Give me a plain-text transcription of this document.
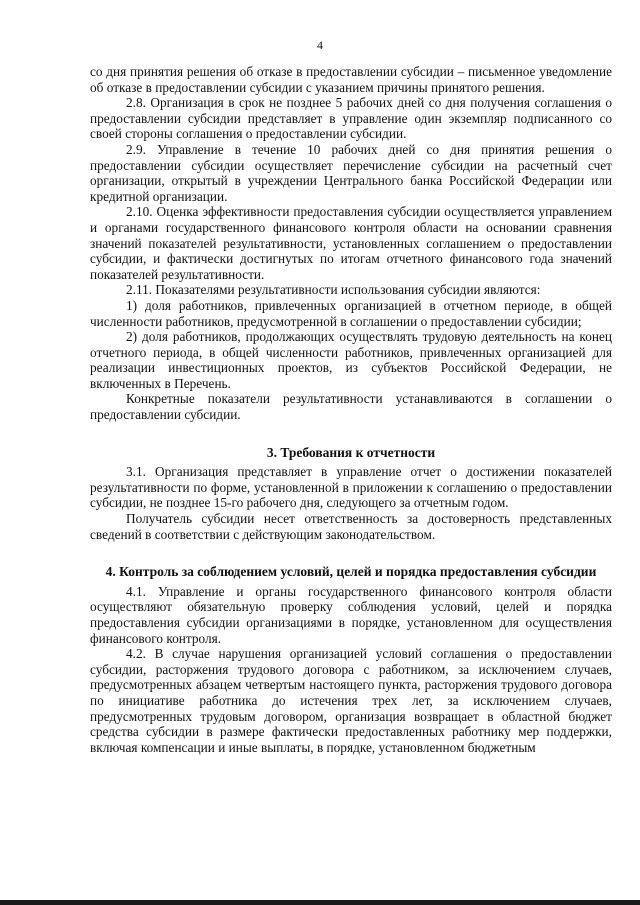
4

со дня принятия решения об отказе в предоставлении субсидии – письменное уведомление об отказе в предоставлении субсидии с указанием причины принятого решения.

2.8. Организация в срок не позднее 5 рабочих дней со дня получения соглашения о предоставлении субсидии представляет в управление один экземпляр подписанного со своей стороны соглашения о предоставлении субсидии.

2.9. Управление в течение 10 рабочих дней со дня принятия решения о предоставлении субсидии осуществляет перечисление субсидии на расчетный счет организации, открытый в учреждении Центрального банка Российской Федерации или кредитной организации.

2.10. Оценка эффективности предоставления субсидии осуществляется управлением и органами государственного финансового контроля области на основании сравнения значений показателей результативности, установленных соглашением о предоставлении субсидии, и фактически достигнутых по итогам отчетного финансового года значений показателей результативности.

2.11. Показателями результативности использования субсидии являются:

1) доля работников, привлеченных организацией в отчетном периоде, в общей численности работников, предусмотренной в соглашении о предоставлении субсидии;

2) доля работников, продолжающих осуществлять трудовую деятельность на конец отчетного периода, в общей численности работников, привлеченных организацией для реализации инвестиционных проектов, из субъектов Российской Федерации, не включенных в Перечень.

Конкретные показатели результативности устанавливаются в соглашении о предоставлении субсидии.

3. Требования к отчетности

3.1. Организация представляет в управление отчет о достижении показателей результативности по форме, установленной в приложении к соглашению о предоставлении субсидии, не позднее 15-го рабочего дня, следующего за отчетным годом.

Получатель субсидии несет ответственность за достоверность представленных сведений в соответствии с действующим законодательством.

4. Контроль за соблюдением условий, целей и порядка предоставления субсидии

4.1. Управление и органы государственного финансового контроля области осуществляют обязательную проверку соблюдения условий, целей и порядка предоставления субсидии организациями в порядке, установленном для осуществления финансового контроля.

4.2. В случае нарушения организацией условий соглашения о предоставлении субсидии, расторжения трудового договора с работником, за исключением случаев, предусмотренных абзацем четвертым настоящего пункта, расторжения трудового договора по инициативе работника до истечения трех лет, за исключением случаев, предусмотренных трудовым договором, организация возвращает в областной бюджет средства субсидии в размере фактически предоставленных работнику мер поддержки, включая компенсации и иные выплаты, в порядке, установленном бюджетным
